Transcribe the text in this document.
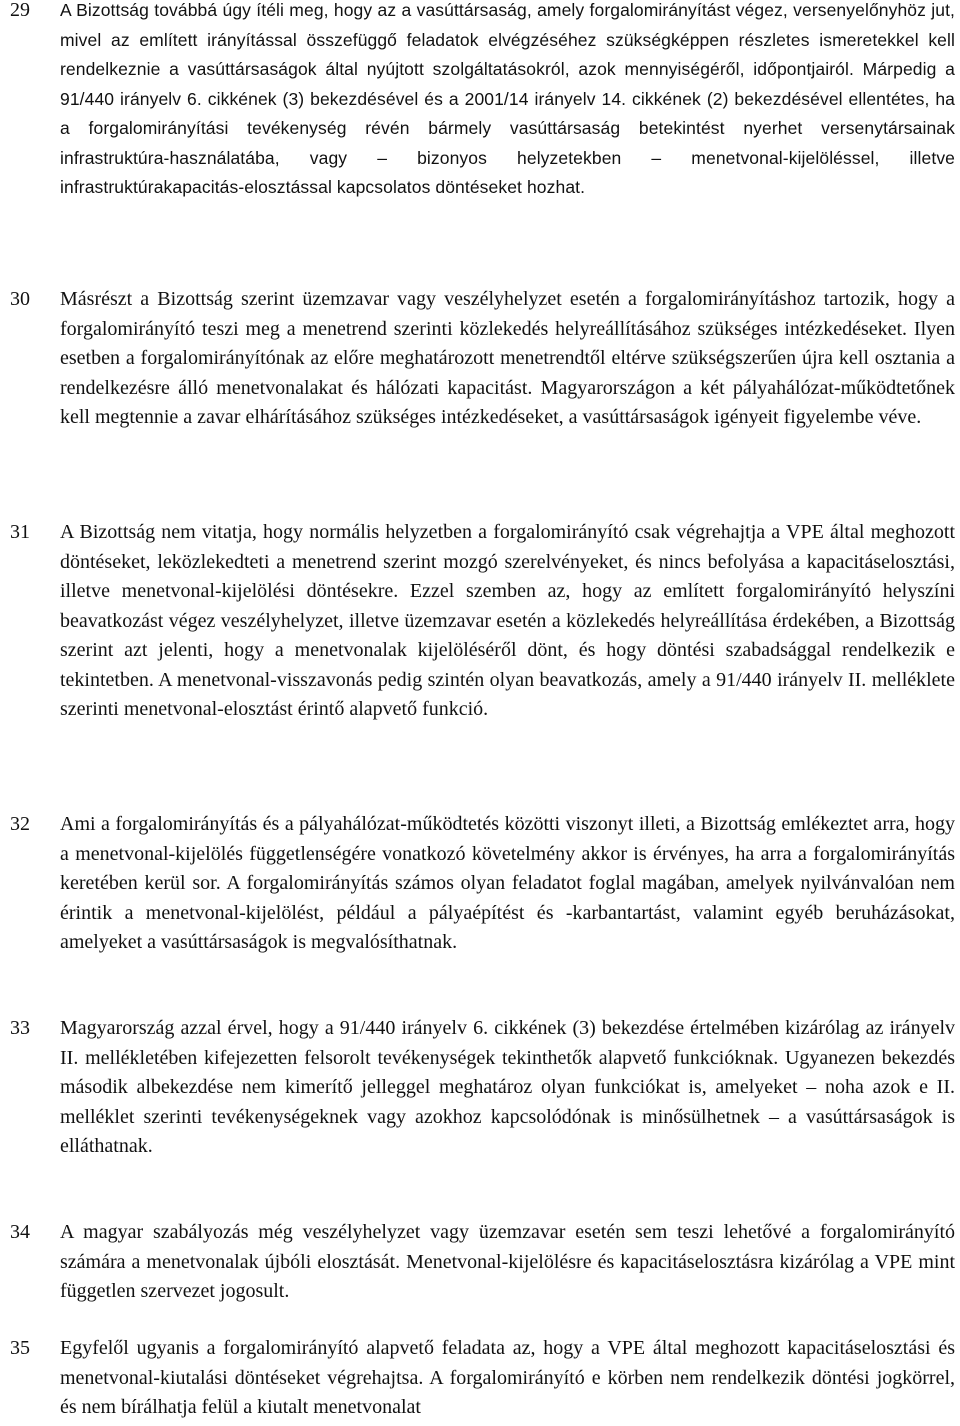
29 A Bizottság továbbá úgy ítéli meg, hogy az a vasúttársaság, amely forgalomirányítást végez, versenyelőnyhöz jut, mivel az említett irányítással összefüggő feladatok elvégzéséhez szükségképpen részletes ismeretekkel kell rendelkeznie a vasúttársaságok által nyújtott szolgáltatásokról, azok mennyiségéről, időpontjairól. Márpedig a 91/440 irányelv 6. cikkének (3) bekezdésével és a 2001/14 irányelv 14. cikkének (2) bekezdésével ellentétes, ha a forgalomirányítási tevékenység révén bármely vasúttársaság betekintést nyerhet versenytársainak infrastruktúra-használatába, vagy – bizonyos helyzetekben – menetvonal-kijelöléssel, illetve infrastruktúrakapacitás-elosztással kapcsolatos döntéseket hozhat.
30 Másrészt a Bizottság szerint üzemzavar vagy veszélyhelyzet esetén a forgalomirányításhoz tartozik, hogy a forgalomirányító teszi meg a menetrend szerinti közlekedés helyreállításához szükséges intézkedéseket. Ilyen esetben a forgalomirányítónak az előre meghatározott menetrendtől eltérve szükségszerűen újra kell osztania a rendelkezésre álló menetvonalakat és hálózati kapacitást. Magyarországon a két pályahálózat-működtetőnek kell megtennie a zavar elhárításához szükséges intézkedéseket, a vasúttársaságok igényeit figyelembe véve.
31 A Bizottság nem vitatja, hogy normális helyzetben a forgalomirányító csak végrehajtja a VPE által meghozott döntéseket, leközlekedteti a menetrend szerint mozgó szerelvényeket, és nincs befolyása a kapacitáselosztási, illetve menetvonal-kijelölési döntésekre. Ezzel szemben az, hogy az említett forgalomirányító helyszíni beavatkozást végez veszélyhelyzet, illetve üzemzavar esetén a közlekedés helyreállítása érdekében, a Bizottság szerint azt jelenti, hogy a menetvonalak kijelöléséről dönt, és hogy döntési szabadsággal rendelkezik e tekintetben. A menetvonal-visszavonás pedig szintén olyan beavatkozás, amely a 91/440 irányelv II. melléklete szerinti menetvonal-elosztást érintő alapvető funkció.
32 Ami a forgalomirányítás és a pályahálózat-működtetés közötti viszonyt illeti, a Bizottság emlékeztet arra, hogy a menetvonal-kijelölés függetlenségére vonatkozó követelmény akkor is érvényes, ha arra a forgalomirányítás keretében kerül sor. A forgalomirányítás számos olyan feladatot foglal magában, amelyek nyilvánvalóan nem érintik a menetvonal-kijelölést, például a pályaépítést és -karbantartást, valamint egyéb beruházásokat, amelyeket a vasúttársaságok is megvalósíthatnak.
33 Magyarország azzal érvel, hogy a 91/440 irányelv 6. cikkének (3) bekezdése értelmében kizárólag az irányelv II. mellékletében kifejezetten felsorolt tevékenységek tekinthetők alapvető funkcióknak. Ugyanezen bekezdés második albekezdése nem kimerítő jelleggel meghatároz olyan funkciókat is, amelyeket – noha azok e II. melléklet szerinti tevékenységeknek vagy azokhoz kapcsolódónak is minősülhetnek – a vasúttársaságok is elláthatnak.
34 A magyar szabályozás még veszélyhelyzet vagy üzemzavar esetén sem teszi lehetővé a forgalomirányító számára a menetvonalak újbóli elosztását. Menetvonal-kijelölésre és kapacitáselosztásra kizárólag a VPE mint független szervezet jogosult.
35 Egyfelől ugyanis a forgalomirányító alapvető feladata az, hogy a VPE által meghozott kapacitáselosztási és menetvonal-kiutalási döntéseket végrehajtsa. A forgalomirányító e körben nem rendelkezik döntési jogkörrel, és nem bírálhatja felül a kiutalt menetvonalat
